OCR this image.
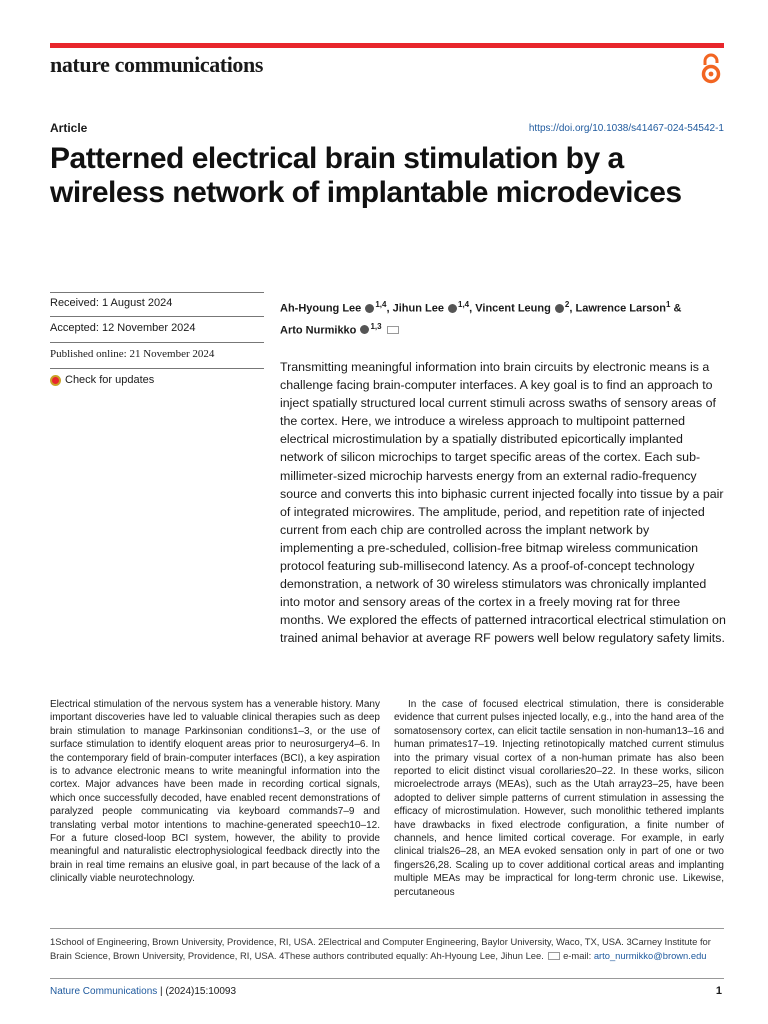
nature communications
Article	https://doi.org/10.1038/s41467-024-54542-1
Patterned electrical brain stimulation by a wireless network of implantable microdevices
Received: 1 August 2024
Accepted: 12 November 2024
Published online: 21 November 2024
Check for updates
Ah-Hyoung Lee $^{1,4}$, Jihun Lee $^{1,4}$, Vincent Leung $^2$, Lawrence Larson$^1$ &
Arto Nurmikko $^{1,3}$

Transmitting meaningful information into brain circuits by electronic means is a challenge facing brain-computer interfaces. A key goal is to find an approach to inject spatially structured local current stimuli across swaths of sensory areas of the cortex. Here, we introduce a wireless approach to multipoint patterned electrical microstimulation by a spatially distributed epicortically implanted network of silicon microchips to target specific areas of the cortex. Each sub-millimeter-sized microchip harvests energy from an external radio-frequency source and converts this into biphasic current injected focally into tissue by a pair of integrated microwires. The amplitude, period, and repetition rate of injected current from each chip are controlled across the implant network by implementing a pre-scheduled, collision-free bitmap wireless communication protocol featuring sub-millisecond latency. As a proof-of-concept technology demonstration, a network of 30 wireless stimulators was chronically implanted into motor and sensory areas of the cortex in a freely moving rat for three months. We explored the effects of patterned intracortical electrical stimulation on trained animal behavior at average RF powers well below regulatory safety limits.

Electrical stimulation of the nervous system has a venerable history. Many important discoveries have led to valuable clinical therapies such as deep brain stimulation to manage Parkinsonian conditions1–3, or the use of surface stimulation to identify eloquent areas prior to neurosurgery4–6. In the contemporary field of brain-computer interfaces (BCI), a key aspiration is to advance electronic means to write meaningful information into the cortex. Major advances have been made in recording cortical signals, which once successfully decoded, have enabled recent demonstrations of paralyzed people communicating via keyboard commands7–9 and translating verbal motor intentions to machine-generated speech10–12. For a future closed-loop BCI system, however, the ability to provide meaningful and naturalistic electrophysiological feedback directly into the brain in real time remains an elusive goal, in part because of the lack of a clinically viable neurotechnology.

In the case of focused electrical stimulation, there is considerable evidence that current pulses injected locally, e.g., into the hand area of the somatosensory cortex, can elicit tactile sensation in non-human13–16 and human primates17–19. Injecting retinotopically matched current stimulus into the primary visual cortex of a non-human primate has also been reported to elicit distinct visual corollaries20–22. In these works, silicon microelectrode arrays (MEAs), such as the Utah array23–25, have been adopted to deliver simple patterns of current stimulation in assessing the efficacy of microstimulation. However, such monolithic tethered implants have drawbacks in fixed electrode configuration, a finite number of channels, and hence limited cortical coverage. For example, in early clinical trials26–28, an MEA evoked sensation only in part of one or two fingers26,28. Scaling up to cover additional cortical areas and implanting multiple MEAs may be impractical for long-term chronic use. Likewise, percutaneous

1School of Engineering, Brown University, Providence, RI, USA. 2Electrical and Computer Engineering, Baylor University, Waco, TX, USA. 3Carney Institute for Brain Science, Brown University, Providence, RI, USA. 4These authors contributed equally: Ah-Hyoung Lee, Jihun Lee. e-mail: arto_nurmikko@brown.edu
Nature Communications | (2024)15:10093	1
